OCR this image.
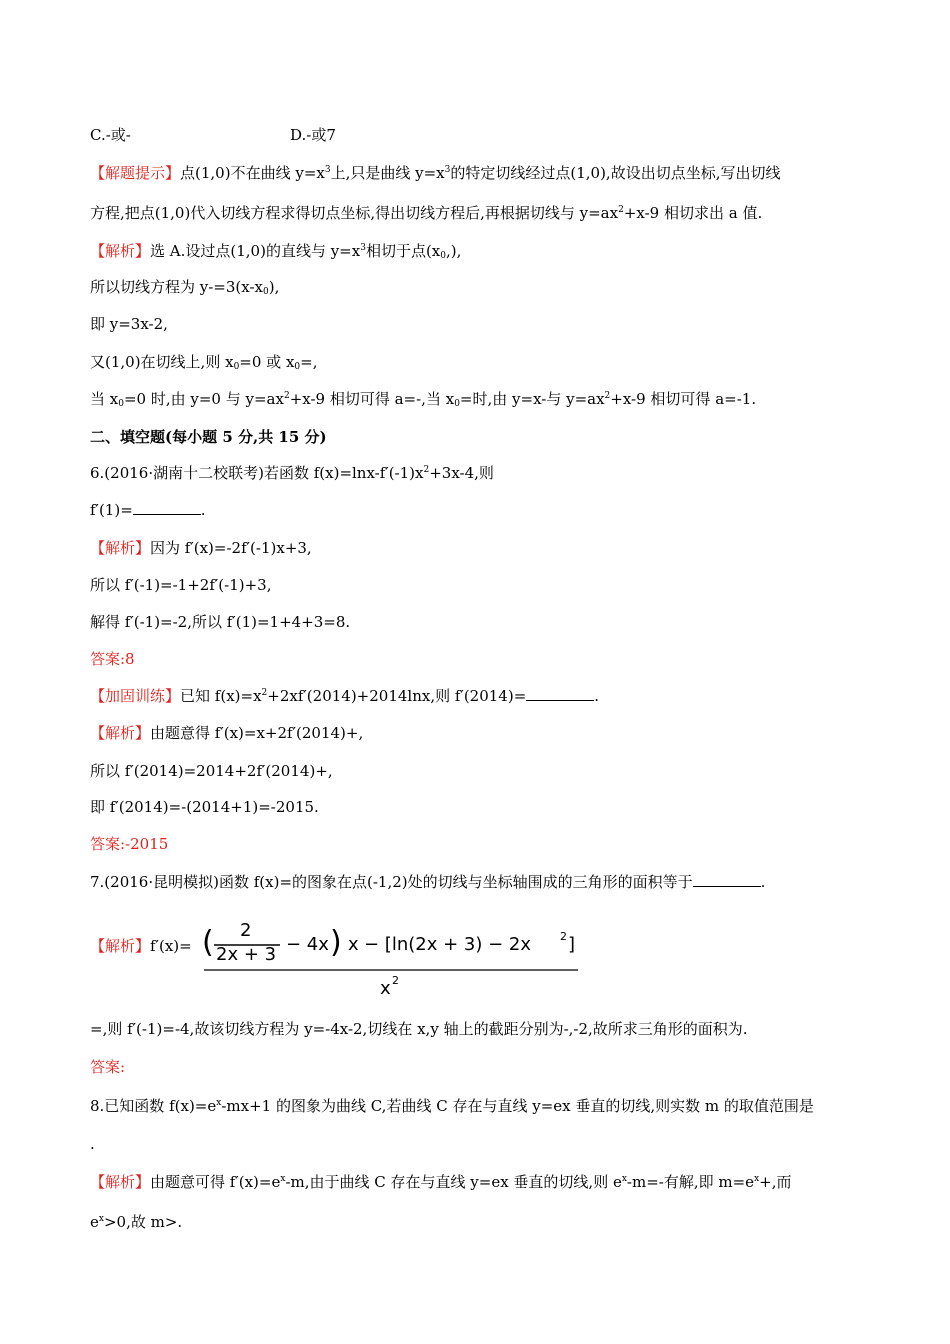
C.-或-	D.-或7
【解题提示】点(1,0)不在曲线 $y=x^3$上,只是曲线 $y=x^3$的特定切线经过点(1,0),故设出切点坐标,写出切线
方程,把点(1,0)代入切线方程求得切点坐标,得出切线方程后,再根据切线与 $y=ax^2+x-9$ 相切求出 a 值.
【解析】选 A.设过点(1,0)的直线与 $y=x^3$相切于点$(x_0,)$,
所以切线方程为 $y-=3(x-x_0)$,
即 y=3x-2,
又(1,0)在切线上,则 $x_0=0$ 或 $x_0=$,
当 $x_0=0$ 时,由 y=0 与 $y=ax^2+x-9$ 相切可得 a=-,当 $x_0=$时,由 y=x-与 $y=ax^2+x-9$ 相切可得 a=-1.
二、填空题(每小题 5 分,共 15 分)
6.(2016·湖南十二校联考)若函数 $f(x)=\ln x-f'(-1)x^2+3x-4$,则
f′(1)=	.
【解析】因为 f′(x)=-2f′(-1)x+3,
所以 f′(-1)=-1+2f′(-1)+3,
解得 f′(-1)=-2,所以 f′(1)=1+4+3=8.
答案:8
【加固训练】已知 $f(x)=x^2+2xf'(2014)+2014\ln x$,则 f′(2014)=	.
【解析】由题意得 f′(x)=x+2f′(2014)+,
所以 f′(2014)=2014+2f′(2014)+,
即 f′(2014)=-(2014+1)=-2015.
答案:-2015
7.(2016·昆明模拟)函数 f(x)=的图象在点(-1,2)处的切线与坐标轴围成的三角形的面积等于	.
【解析】f′(x)= ( 2
2x + 3 − 4x ) x − [ln(2x + 3) − 2x	2 ]
x 2
=,则 f′(-1)=-4,故该切线方程为 y=-4x-2,切线在 x,y 轴上的截距分别为-,-2,故所求三角形的面积为.
答案:
8.已知函数 $f(x)=e^x-mx+1$ 的图象为曲线 C,若曲线 C 存在与直线 y=ex 垂直的切线,则实数 m 的取值范围是
.
【解析】由题意可得 $f'(x)=e^x-m$,由于曲线 C 存在与直线 y=ex 垂直的切线,则 $e^x-m=-$有解,即 $m=e^x+$,而
$e^x>0$,故 m>.
